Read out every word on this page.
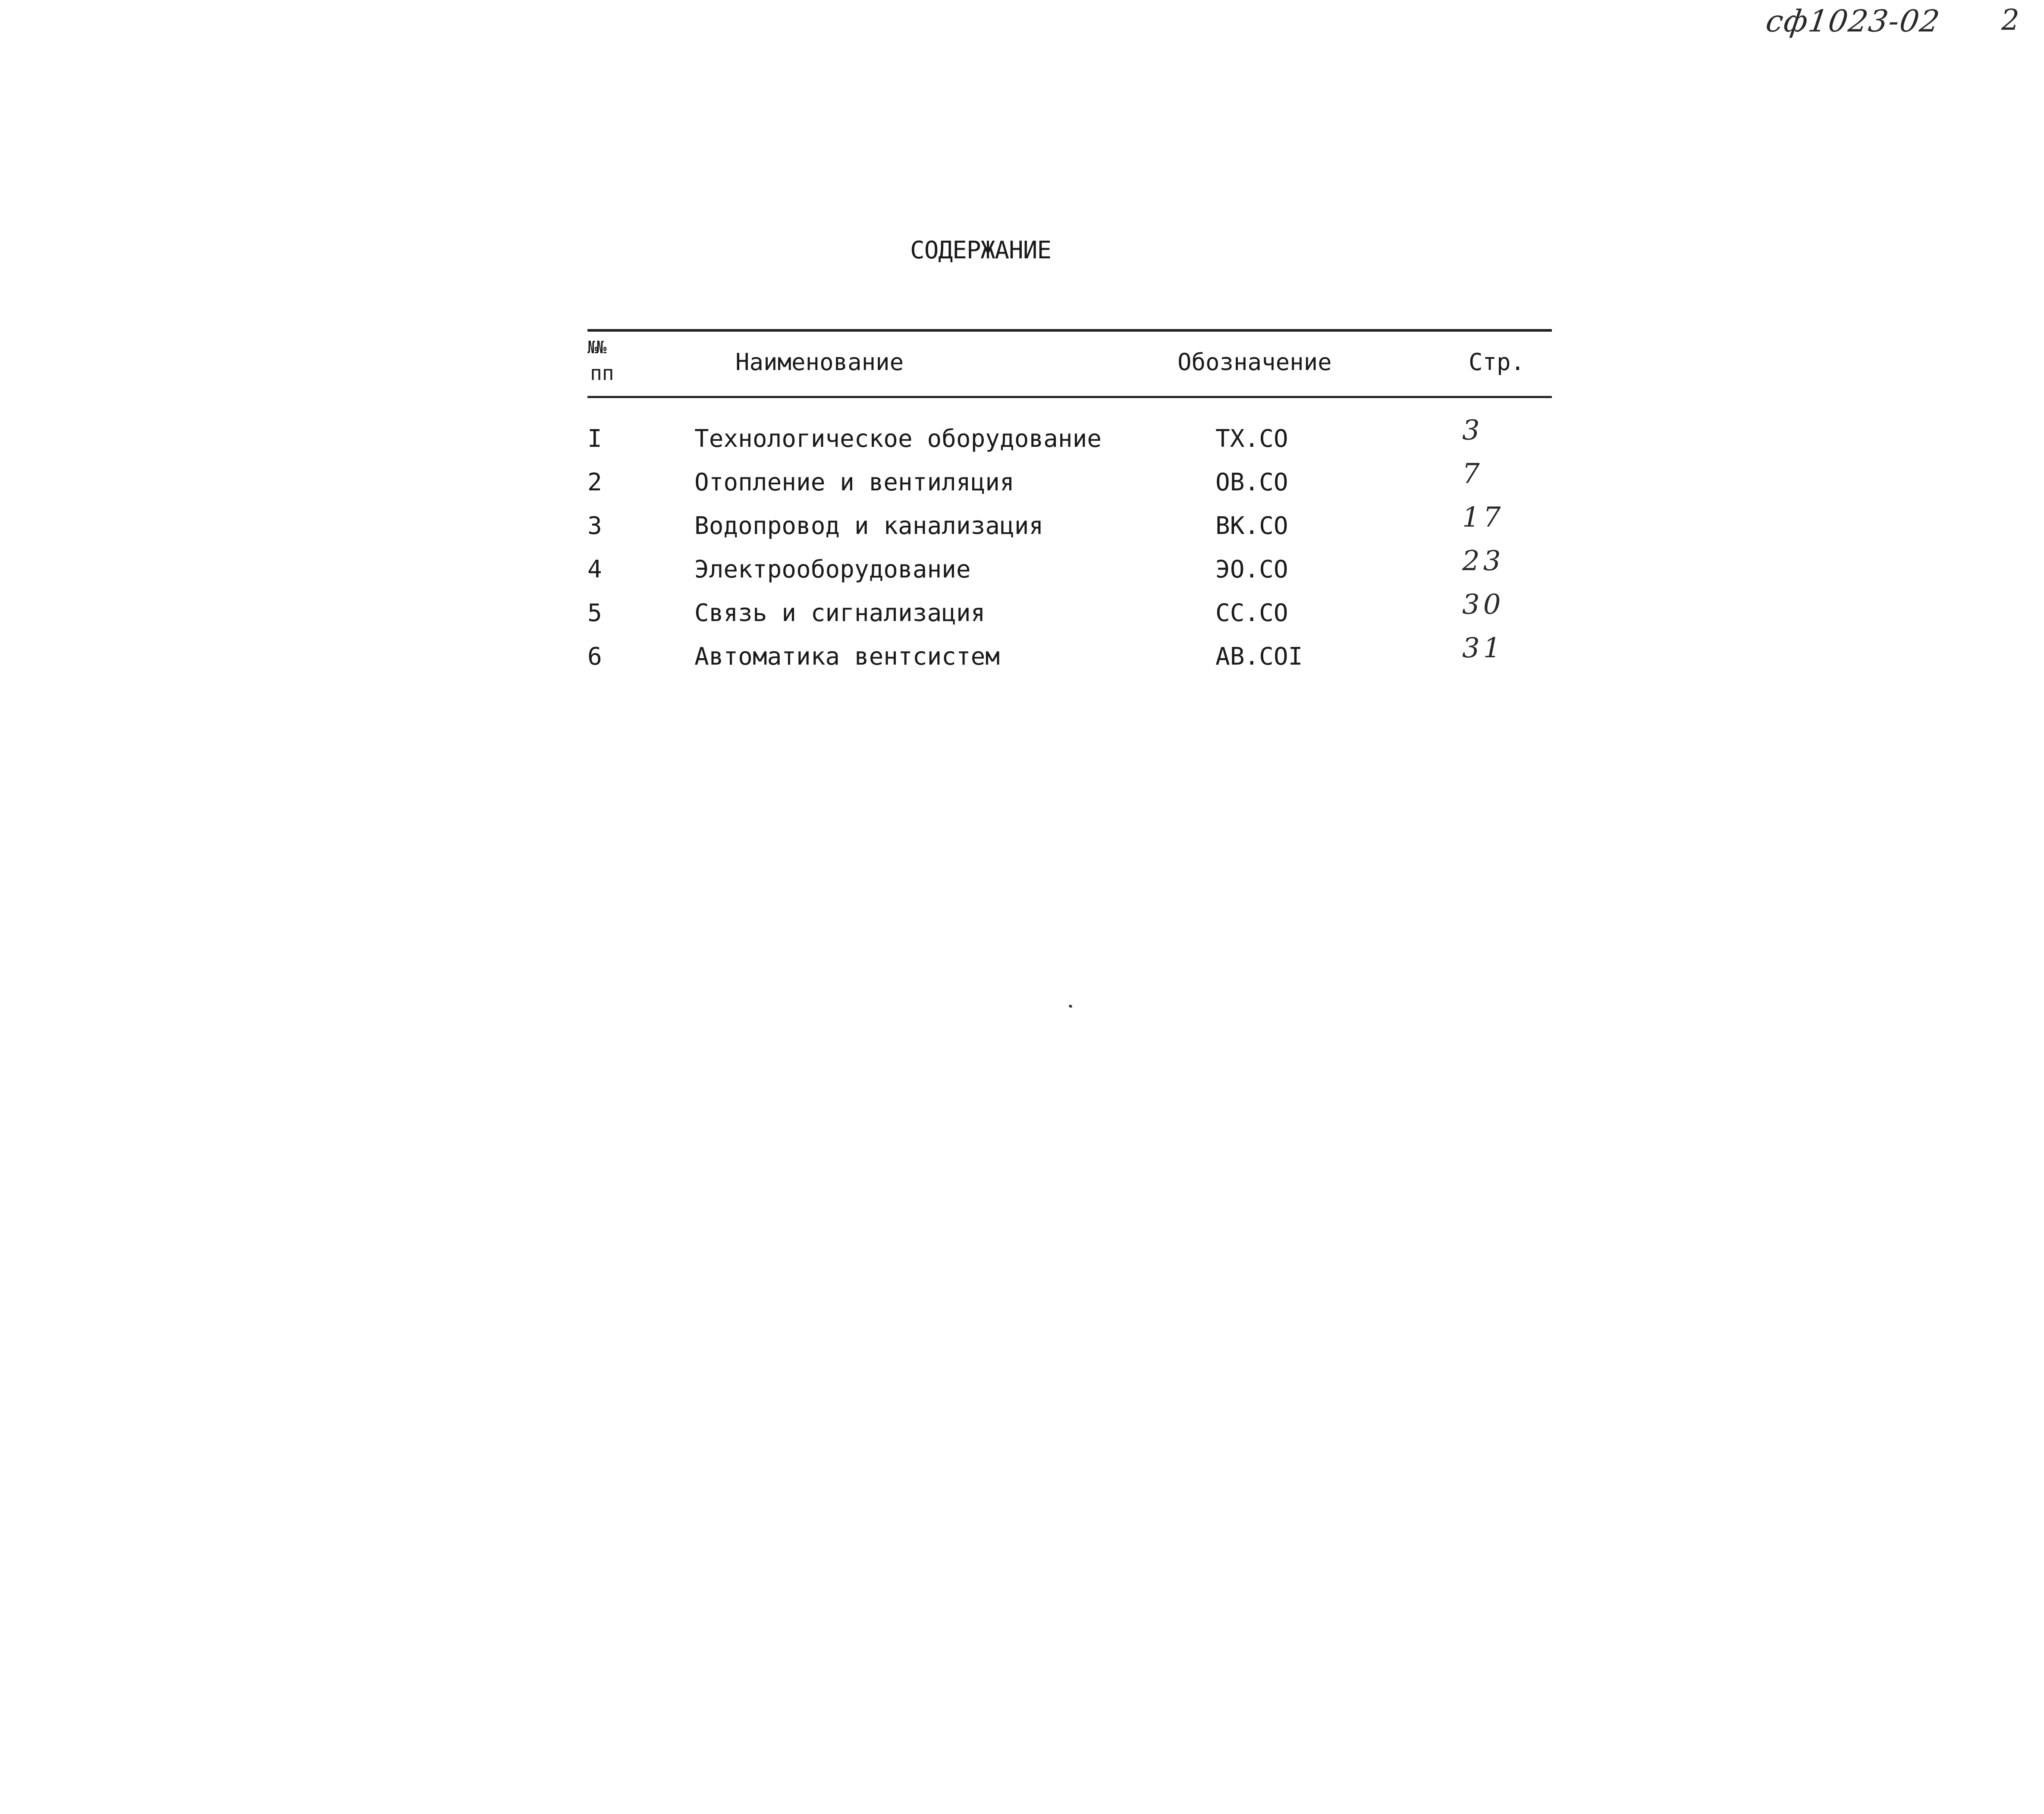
сф1023-02 2
СОДЕРЖАНИЕ
№№
пп	Наименование	Обозначение	Стр.
I	Технологическое оборудование	ТХ.СО	3
2	Отопление и вентиляция	ОВ.СО	7
3	Водопровод и канализация	ВК.СО	17
4	Электрооборудование	ЭО.СО	23
5	Связь и сигнализация	СС.СО	30
6	Автоматика вентсистем	АВ.СОI	31
